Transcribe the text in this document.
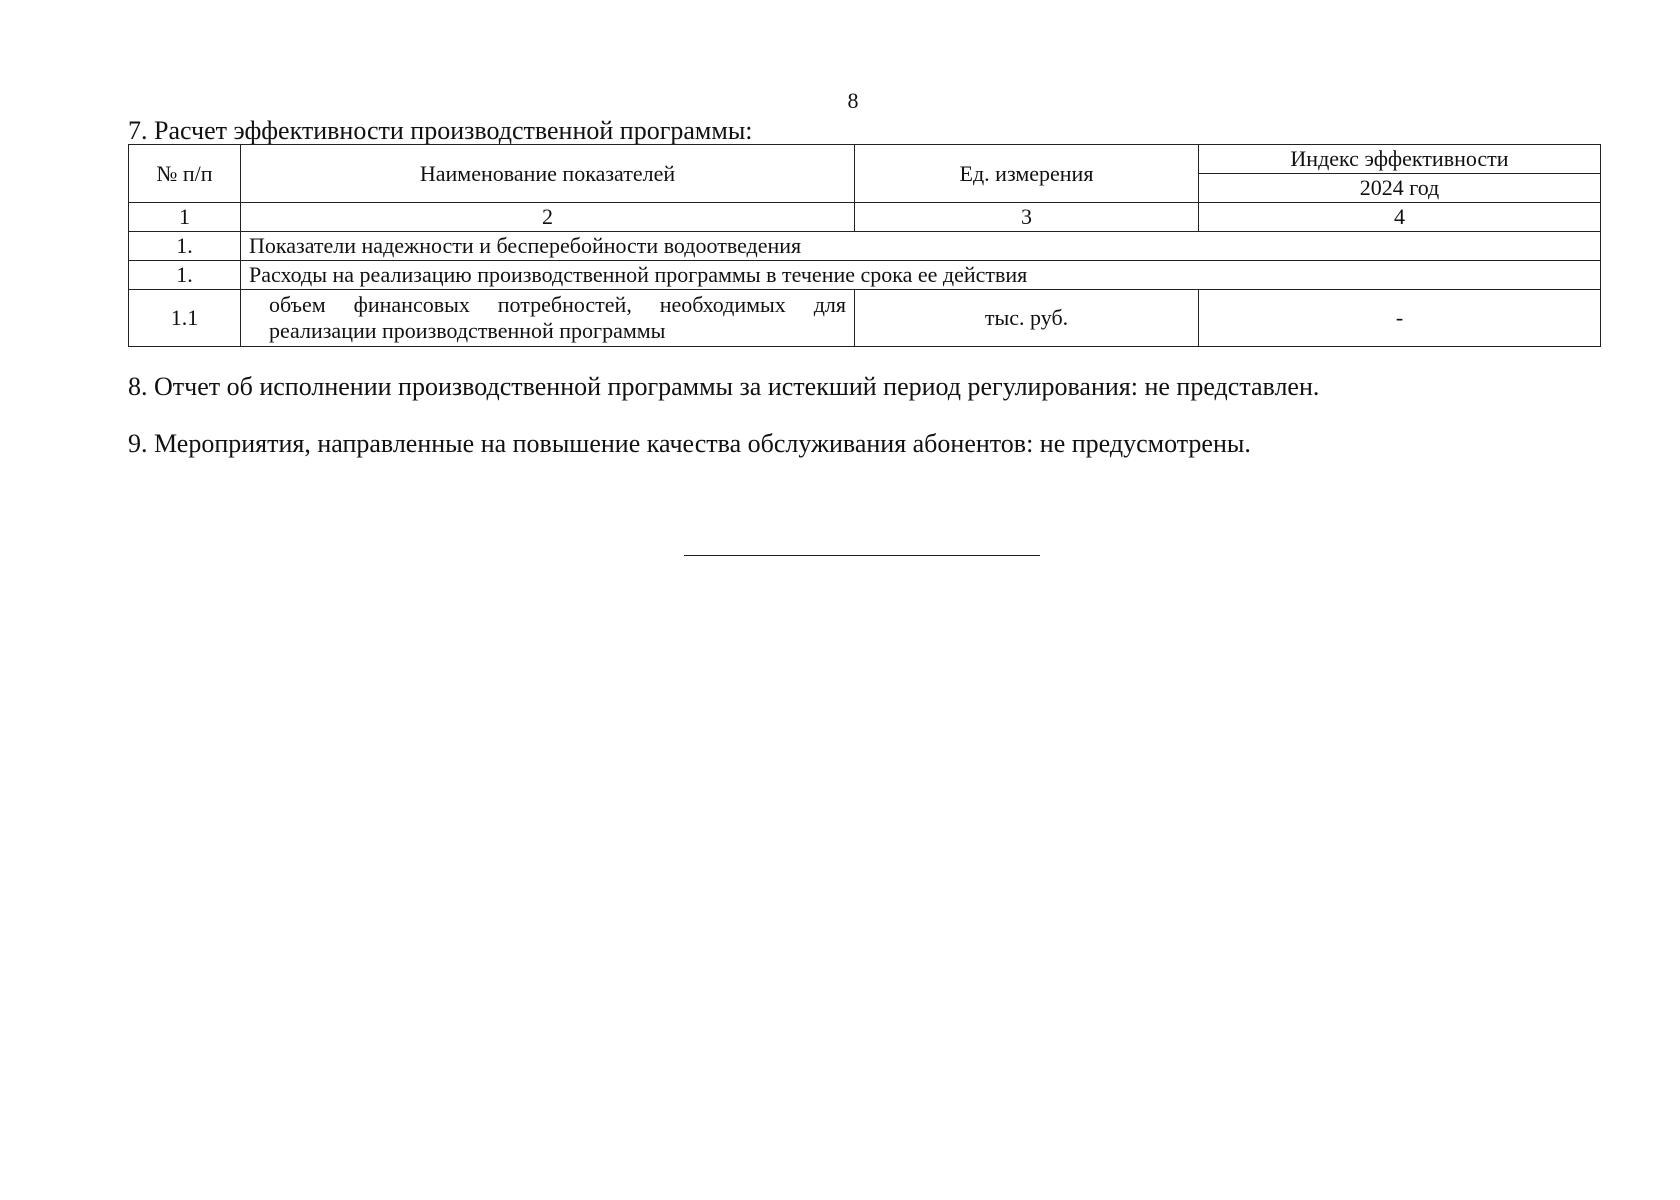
8
7. Расчет эффективности производственной программы:
№ п/п	Наименование показателей	Ед. измерения	Индекс эффективности
			2024 год
1	2	3	4
1.	Показатели надежности и бесперебойности водоотведения		
1.	Расходы на реализацию производственной программы в течение срока ее действия		
1.1	объем финансовых потребностей, необходимых для реализации производственной программы	тыс. руб.	-
8. Отчет об исполнении производственной программы за истекший период регулирования: не представлен.
9. Мероприятия, направленные на повышение качества обслуживания абонентов: не предусмотрены.
